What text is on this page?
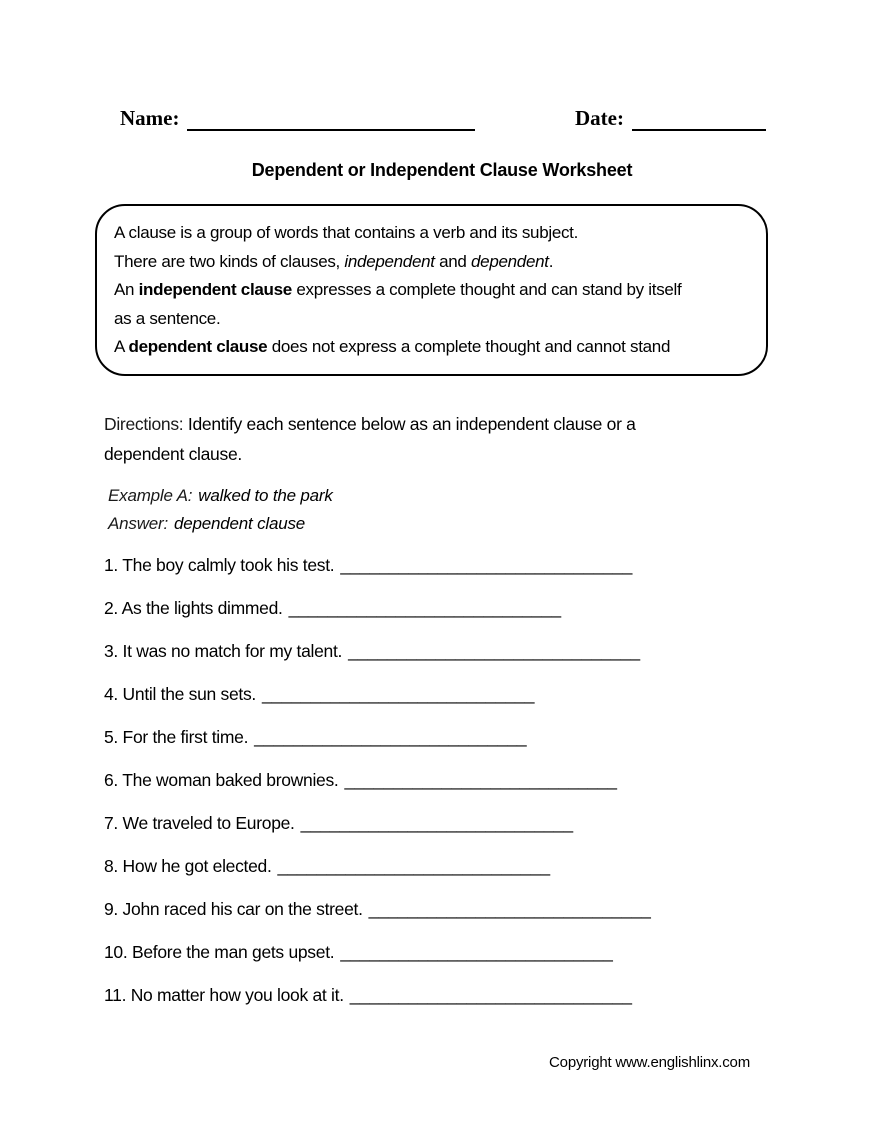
Name:	Date:
Dependent or Independent Clause Worksheet
A clause is a group of words that contains a verb and its subject.
There are two kinds of clauses, independent and dependent.
An independent clause expresses a complete thought and can stand by itself
as a sentence.
A dependent clause does not express a complete thought and cannot stand
Directions: Identify each sentence below as an independent clause or a
dependent clause.
Example A: walked to the park
Answer: dependent clause
1. The boy calmly took his test. ______________________________
2. As the lights dimmed. ____________________________
3. It was no match for my talent. ______________________________
4. Until the sun sets. ____________________________
5. For the first time. ____________________________
6. The woman baked brownies. ____________________________
7. We traveled to Europe. ____________________________
8. How he got elected. ____________________________
9. John raced his car on the street. _____________________________
10. Before the man gets upset. ____________________________
11. No matter how you look at it. _____________________________
Copyright www.englishlinx.com
